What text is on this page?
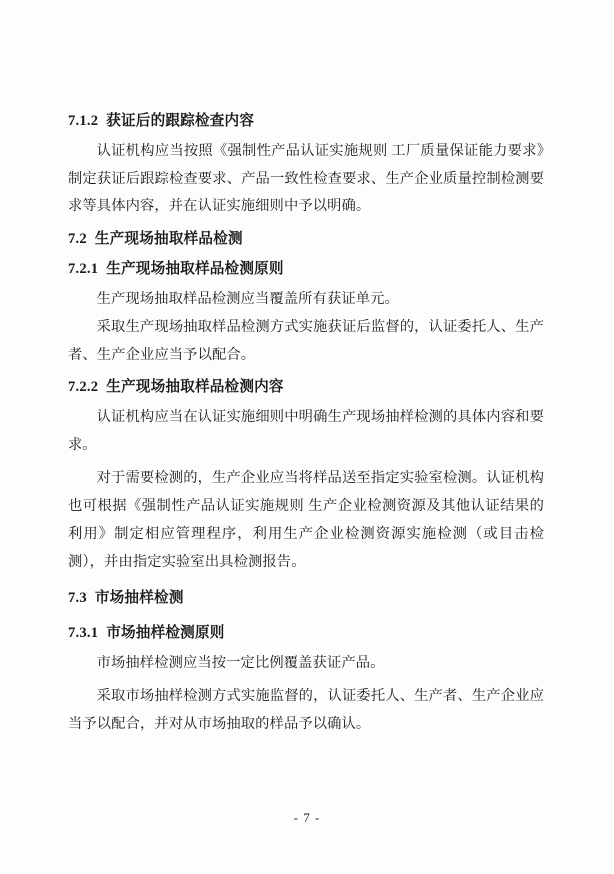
7.1.2 获证后的跟踪检查内容

认证机构应当按照《强制性产品认证实施规则 工厂质量保证能力要求》制定获证后跟踪检查要求、产品一致性检查要求、生产企业质量控制检测要求等具体内容，并在认证实施细则中予以明确。

7.2 生产现场抽取样品检测
7.2.1 生产现场抽取样品检测原则

生产现场抽取样品检测应当覆盖所有获证单元。

采取生产现场抽取样品检测方式实施获证后监督的，认证委托人、生产者、生产企业应当予以配合。

7.2.2 生产现场抽取样品检测内容

认证机构应当在认证实施细则中明确生产现场抽样检测的具体内容和要求。

对于需要检测的，生产企业应当将样品送至指定实验室检测。认证机构也可根据《强制性产品认证实施规则 生产企业检测资源及其他认证结果的利用》制定相应管理程序，利用生产企业检测资源实施检测（或目击检测），并由指定实验室出具检测报告。

7.3 市场抽样检测
7.3.1 市场抽样检测原则

市场抽样检测应当按一定比例覆盖获证产品。

采取市场抽样检测方式实施监督的，认证委托人、生产者、生产企业应当予以配合，并对从市场抽取的样品予以确认。

- 7 -
